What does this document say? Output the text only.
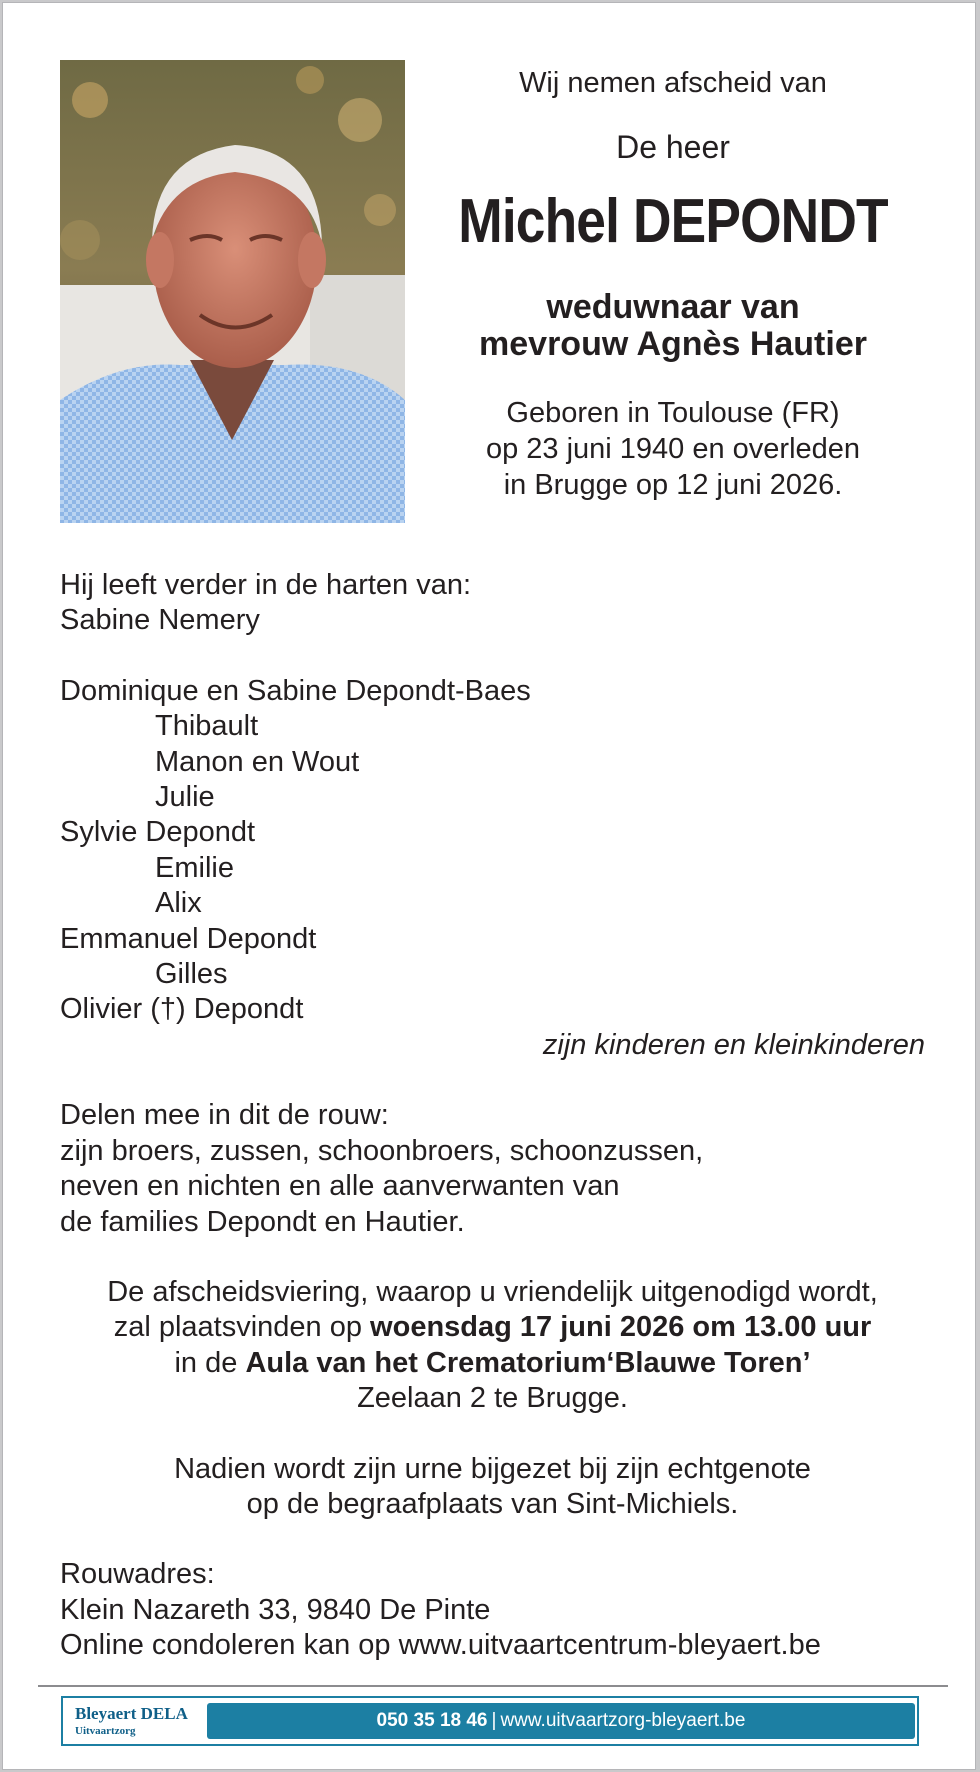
Wij nemen afscheid van
De heer
Michel DEPONDT
weduwnaar van
mevrouw Agnès Hautier
Geboren in Toulouse (FR)
op 23 juni 1940 en overleden
in Brugge op 12 juni 2026.

Hij leeft verder in de harten van:

Sabine Nemery

Dominique en Sabine Depondt-Baes

Thibault

Manon en Wout

Julie

Sylvie Depondt

Emilie

Alix

Emmanuel Depondt

Gilles

Olivier (†) Depondt

zijn kinderen en kleinkinderen

Delen mee in dit de rouw:

zijn broers, zussen, schoonbroers, schoonzussen,

neven en nichten en alle aanverwanten van

de families Depondt en Hautier.

De afscheidsviering, waarop u vriendelijk uitgenodigd wordt,

zal plaatsvinden op woensdag 17 juni 2026 om 13.00 uur

in de Aula van het Crematorium‘Blauwe Toren’

Zeelaan 2 te Brugge.

Nadien wordt zijn urne bijgezet bij zijn echtgenote

op de begraafplaats van Sint-Michiels.

Rouwadres:

Klein Nazareth 33, 9840 De Pinte

Online condoleren kan op www.uitvaartcentrum-bleyaert.be

Bleyaert DELA
Uitvaartzorg	050 35 18 46 | www.uitvaartzorg-bleyaert.be
